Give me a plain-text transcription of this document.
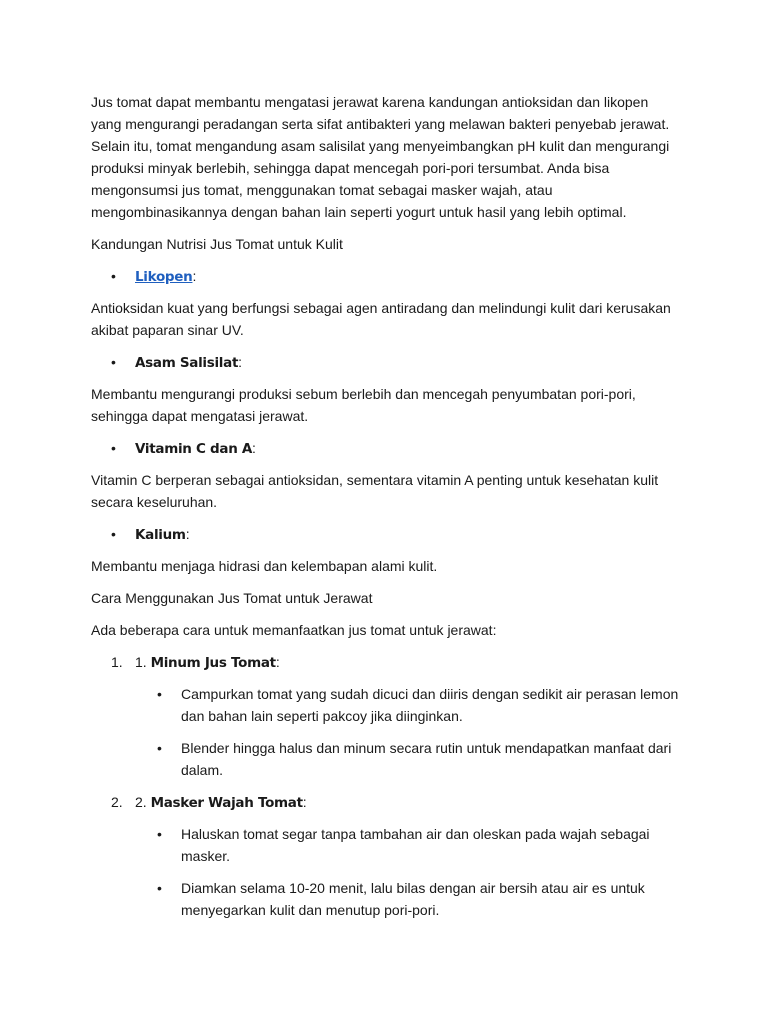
Jus tomat dapat membantu mengatasi jerawat karena kandungan antioksidan dan likopen yang mengurangi peradangan serta sifat antibakteri yang melawan bakteri penyebab jerawat. Selain itu, tomat mengandung asam salisilat yang menyeimbangkan pH kulit dan mengurangi produksi minyak berlebih, sehingga dapat mencegah pori-pori tersumbat. Anda bisa mengonsumsi jus tomat, menggunakan tomat sebagai masker wajah, atau mengombinasikannya dengan bahan lain seperti yogurt untuk hasil yang lebih optimal.

Kandungan Nutrisi Jus Tomat untuk Kulit

• Likopen:

Antioksidan kuat yang berfungsi sebagai agen antiradang dan melindungi kulit dari kerusakan akibat paparan sinar UV.

• Asam Salisilat:

Membantu mengurangi produksi sebum berlebih dan mencegah penyumbatan pori-pori, sehingga dapat mengatasi jerawat.

• Vitamin C dan A:

Vitamin C berperan sebagai antioksidan, sementara vitamin A penting untuk kesehatan kulit secara keseluruhan.

• Kalium:

Membantu menjaga hidrasi dan kelembapan alami kulit.

Cara Menggunakan Jus Tomat untuk Jerawat

Ada beberapa cara untuk memanfaatkan jus tomat untuk jerawat:

1. 1. Minum Jus Tomat:

• Campurkan tomat yang sudah dicuci dan diiris dengan sedikit air perasan lemon dan bahan lain seperti pakcoy jika diinginkan.

• Blender hingga halus dan minum secara rutin untuk mendapatkan manfaat dari dalam.

2. 2. Masker Wajah Tomat:

• Haluskan tomat segar tanpa tambahan air dan oleskan pada wajah sebagai masker.

• Diamkan selama 10-20 menit, lalu bilas dengan air bersih atau air es untuk menyegarkan kulit dan menutup pori-pori.
